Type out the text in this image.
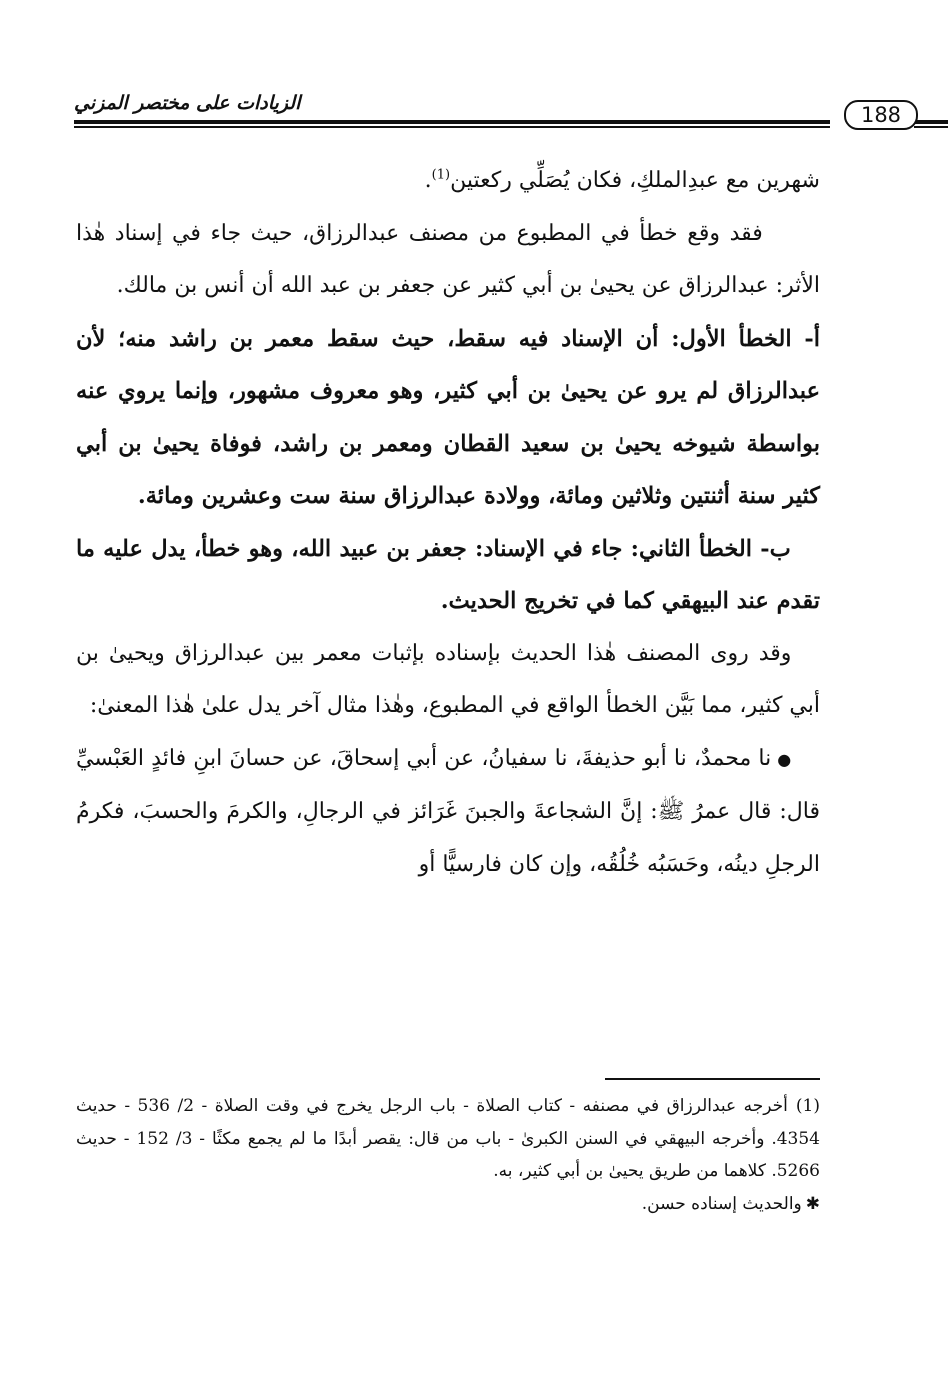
الزيادات على مختصر المزني	188

شهرين مع عبدِالملكِ، فكان يُصَلِّي ركعتين$^{(1)}$.

فقد وقع خطأ في المطبوع من مصنف عبدالرزاق، حيث جاء في إسناد هٰذا الأثر: عبدالرزاق عن يحيىٰ بن أبي كثير عن جعفر بن عبد الله أن أنس بن مالك.

أ- الخطأ الأول: أن الإسناد فيه سقط، حيث سقط معمر بن راشد منه؛ لأن عبدالرزاق لم يرو عن يحيىٰ بن أبي كثير، وهو معروف مشهور، وإنما يروي عنه بواسطة شيوخه يحيىٰ بن سعيد القطان ومعمر بن راشد، فوفاة يحيىٰ بن أبي كثير سنة أثنتين وثلاثين ومائة، وولادة عبدالرزاق سنة ست وعشرين ومائة.

ب- الخطأ الثاني: جاء في الإسناد: جعفر بن عبيد الله، وهو خطأ، يدل عليه ما تقدم عند البيهقي كما في تخريج الحديث.

وقد روى المصنف هٰذا الحديث بإسناده بإثبات معمر بين عبدالرزاق ويحيىٰ بن أبي كثير، مما بَيَّن الخطأ الواقع في المطبوع، وهٰذا مثال آخر يدل علىٰ هٰذا المعنىٰ:

●نا محمدٌ، نا أبو حذيفةَ، نا سفيانُ، عن أبي إسحاقَ، عن حسانَ ابنِ فائدٍ العَبْسيِّ قال: قال عمرُ ﷺ: إنَّ الشجاعةَ والجبنَ غَرَائز في الرجالِ، والكرمَ والحسبَ، فكرمُ الرجلِ دينُه، وحَسَبُه خُلُقُه، وإن كان فارسيًّا أو

(1)أخرجه عبدالرزاق في مصنفه - كتاب الصلاة - باب الرجل يخرج في وقت الصلاة - 2/ 536 - حديث 4354. وأخرجه البيهقي في السنن الكبرىٰ - باب من قال: يقصر أبدًا ما لم يجمع مكثًا - 3/ 152 - حديث 5266. كلاهما من طريق يحيىٰ بن أبي كثير، به.

✱والحديث إسناده حسن.
